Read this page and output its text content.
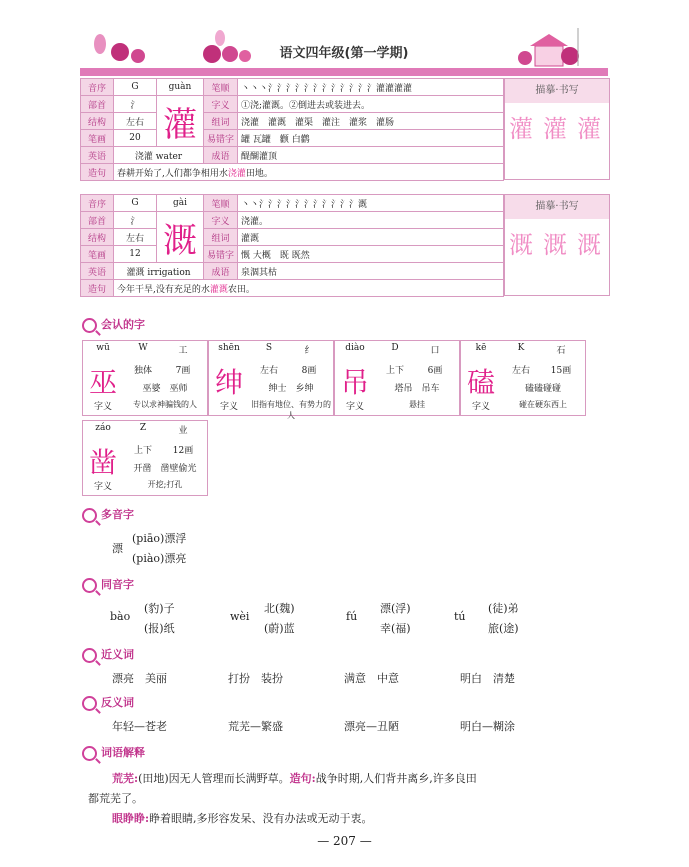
语文四年级(第一学期)
音序	G	guàn	笔顺	丶丶丶氵氵氵氵氵氵氵氵氵氵氵氵灌灌灌灌
部首	氵	灌	字义	①浇;灌溉。②倒进去或装进去。
结构	左右		组词	浇灌　灌溉　灌渠　灌注　灌浆　灌肠
笔画	20		易错字	罐 瓦罐　颧 白鹳
英语	浇灌 water		成语	醍醐灌顶
造句	春耕开始了,人们都争相用水浇灌田地。			
描摹·书写
灌 灌 灌
音序	G	gài	笔顺	丶丶氵氵氵氵氵氵氵氵氵氵氵溉
部首	氵	溉	字义	浇灌。
结构	左右		组词	灌溉
笔画	12		易错字	慨 大概　既 既然
英语	灌溉 irrigation		成语	泉涸其枯
造句	今年干旱,没有充足的水灌溉农田。			
描摹·书写
溉 溉 溉
会认的字
wū	W	工
巫	独体	7画
巫婆　巫师
字义	专以求神骗钱的人
shēn	S	纟
绅	左右	8画
绅士　乡绅
字义	旧指有地位、有势力的人
diào	D	口
吊	上下	6画
塔吊　吊车
字义	悬挂
kē	K	石
磕	左右	15画
磕磕碰碰
字义	碰在硬东西上
záo	Z	业
凿	上下	12画
开凿　凿壁偷光
字义	开挖;打孔
多音字
漂
(piāo)漂浮
(piào)漂亮
同音字
bào
(豹)子
(报)纸
wèi
北(魏)
(蔚)蓝
fú
漂(浮)
幸(福)
tú
(徒)弟
旅(途)
近义词
漂亮　美丽	打扮　装扮	满意　中意	明白　清楚
反义词
年轻—苍老	荒芜—繁盛	漂亮—丑陋	明白—糊涂
词语解释
荒芜:(田地)因无人管理而长满野草。造句:战争时期,人们背井离乡,许多良田
都荒芜了。
眼睁睁:睁着眼睛,多形容发呆、没有办法或无动于衷。
— 207 —
